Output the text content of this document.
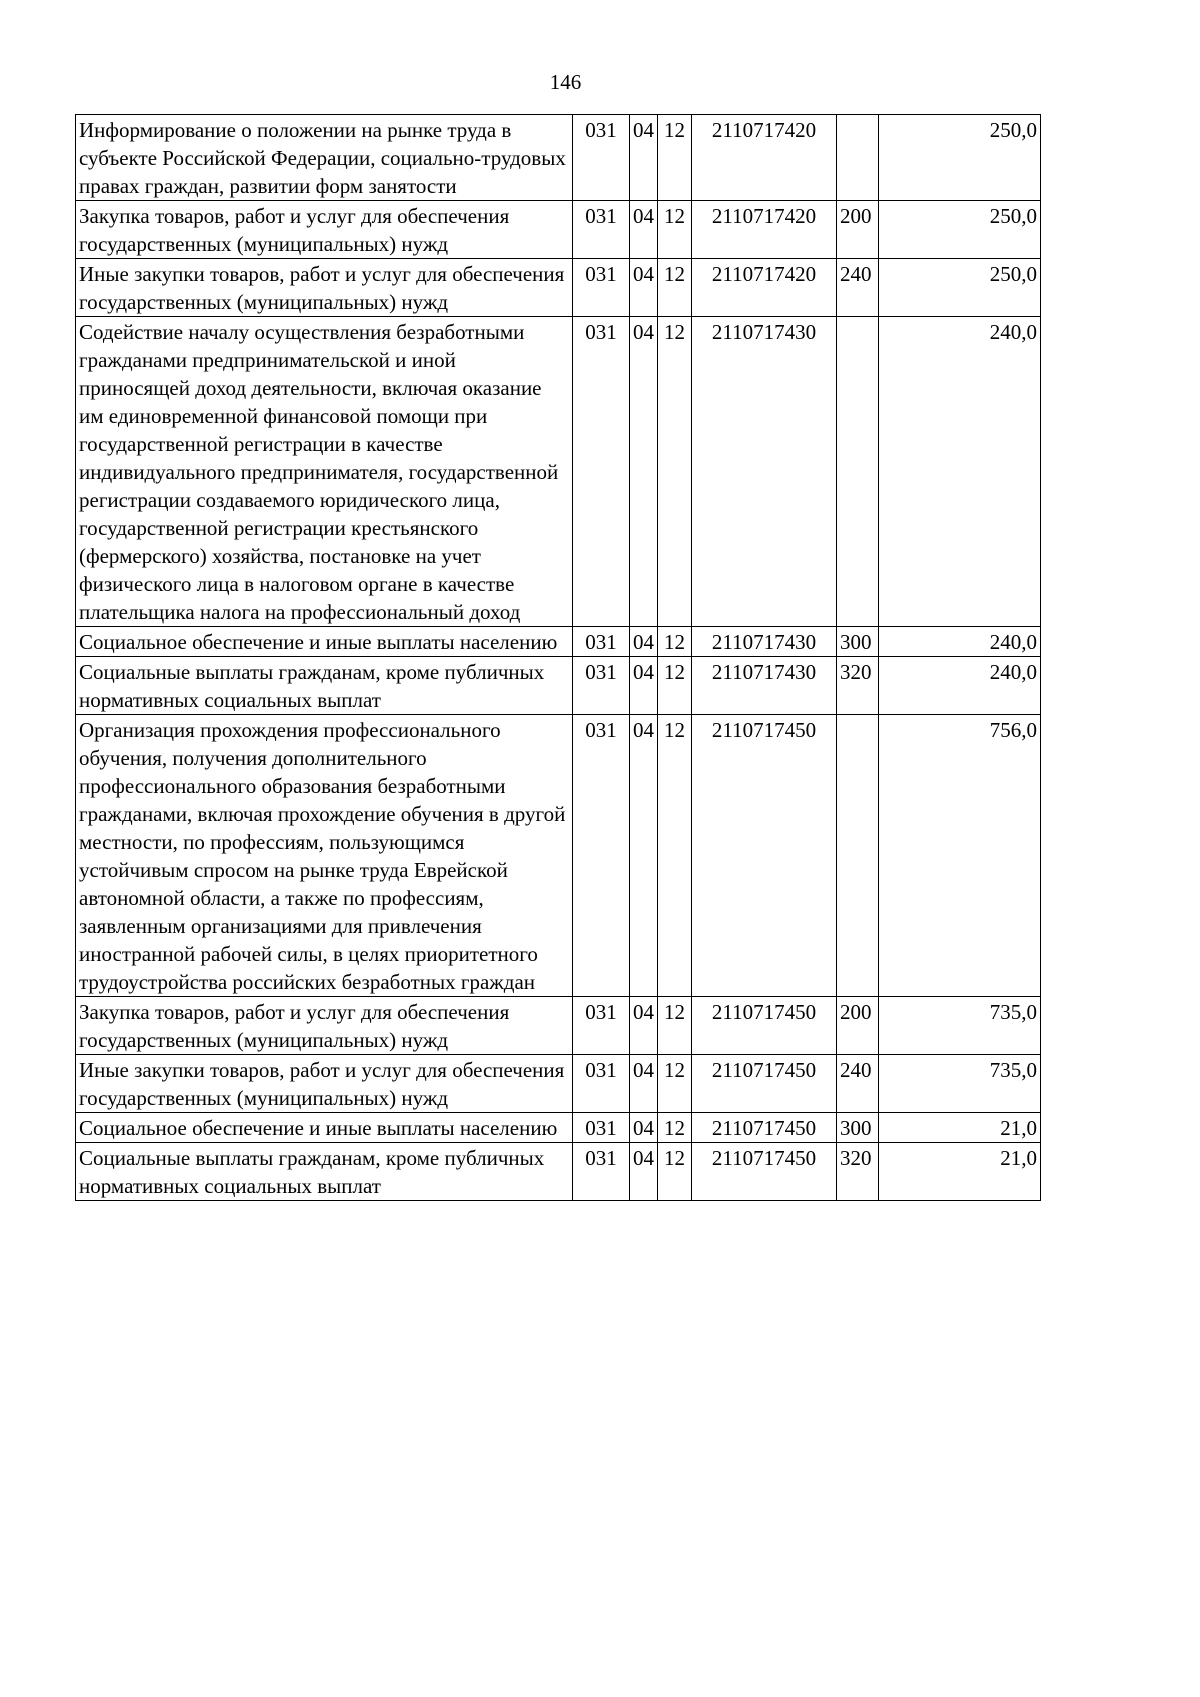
146
Информирование о положении на рынке труда в субъекте Российской Федерации, социально-трудовых правах граждан, развитии форм занятости	031	04	12	2110717420		250,0
Закупка товаров, работ и услуг для обеспечения государственных (муниципальных) нужд	031	04	12	2110717420	200	250,0
Иные закупки товаров, работ и услуг для обеспечения государственных (муниципальных) нужд	031	04	12	2110717420	240	250,0
Содействие началу осуществления безработными гражданами предпринимательской и иной приносящей доход деятельности, включая оказание им единовременной финансовой помощи при государственной регистрации в качестве индивидуального предпринимателя, государственной регистрации создаваемого юридического лица, государственной регистрации крестьянского (фермерского) хозяйства, постановке на учет физического лица в налоговом органе в качестве плательщика налога на профессиональный доход	031	04	12	2110717430		240,0
Социальное обеспечение и иные выплаты населению	031	04	12	2110717430	300	240,0
Социальные выплаты гражданам, кроме публичных нормативных социальных выплат	031	04	12	2110717430	320	240,0
Организация прохождения профессионального обучения, получения дополнительного профессионального образования безработными гражданами, включая прохождение обучения в другой местности, по профессиям, пользующимся устойчивым спросом на рынке труда Еврейской автономной области, а также по профессиям, заявленным организациями для привлечения иностранной рабочей силы, в целях приоритетного трудоустройства российских безработных граждан	031	04	12	2110717450		756,0
Закупка товаров, работ и услуг для обеспечения государственных (муниципальных) нужд	031	04	12	2110717450	200	735,0
Иные закупки товаров, работ и услуг для обеспечения государственных (муниципальных) нужд	031	04	12	2110717450	240	735,0
Социальное обеспечение и иные выплаты населению	031	04	12	2110717450	300	21,0
Социальные выплаты гражданам, кроме публичных нормативных социальных выплат	031	04	12	2110717450	320	21,0
